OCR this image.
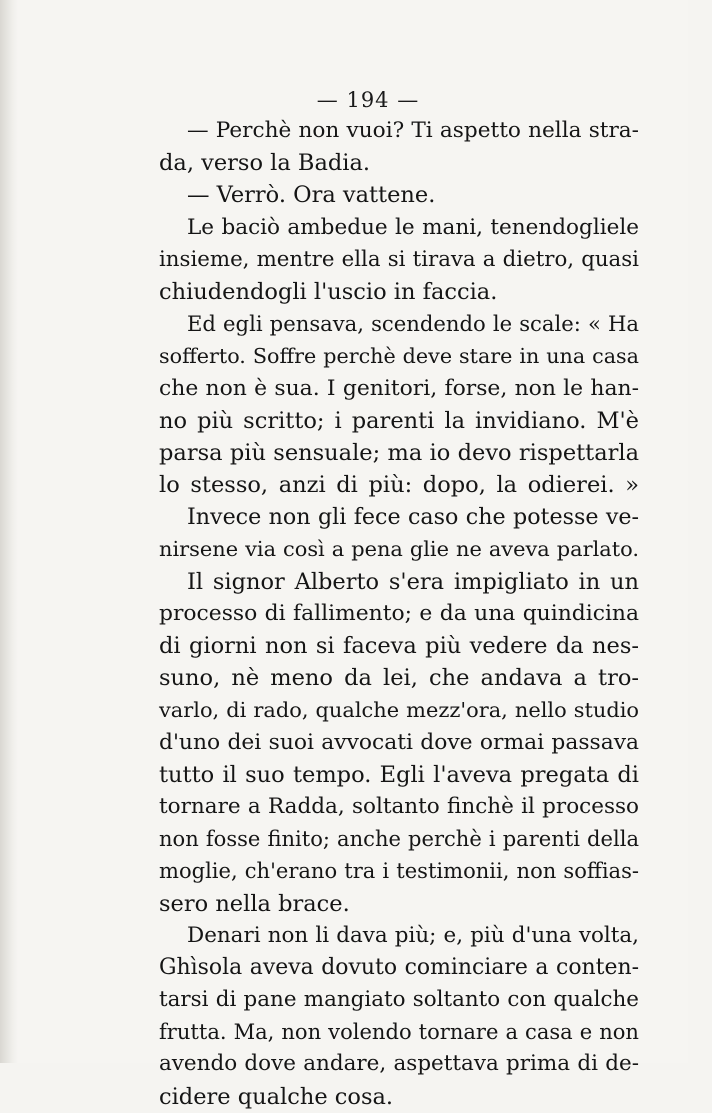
— 194 —
— Perchè non vuoi? Ti aspetto nella stra-
da, verso la Badia.
— Verrò. Ora vattene.
Le baciò ambedue le mani, tenendogliele
insieme, mentre ella si tirava a dietro, quasi
chiudendogli l'uscio in faccia.
Ed egli pensava, scendendo le scale: « Ha
sofferto. Soffre perchè deve stare in una casa
che non è sua. I genitori, forse, non le han-
no più scritto; i parenti la invidiano. M'è
parsa più sensuale; ma io devo rispettarla
lo stesso, anzi di più: dopo, la odierei. »
Invece non gli fece caso che potesse ve-
nirsene via così a pena glie ne aveva parlato.
Il signor Alberto s'era impigliato in un
processo di fallimento; e da una quindicina
di giorni non si faceva più vedere da nes-
suno, nè meno da lei, che andava a tro-
varlo, di rado, qualche mezz'ora, nello studio
d'uno dei suoi avvocati dove ormai passava
tutto il suo tempo. Egli l'aveva pregata di
tornare a Radda, soltanto finchè il processo
non fosse finito; anche perchè i parenti della
moglie, ch'erano tra i testimonii, non soffias-
sero nella brace.
Denari non li dava più; e, più d'una volta,
Ghìsola aveva dovuto cominciare a conten-
tarsi di pane mangiato soltanto con qualche
frutta. Ma, non volendo tornare a casa e non
avendo dove andare, aspettava prima di de-
cidere qualche cosa.
